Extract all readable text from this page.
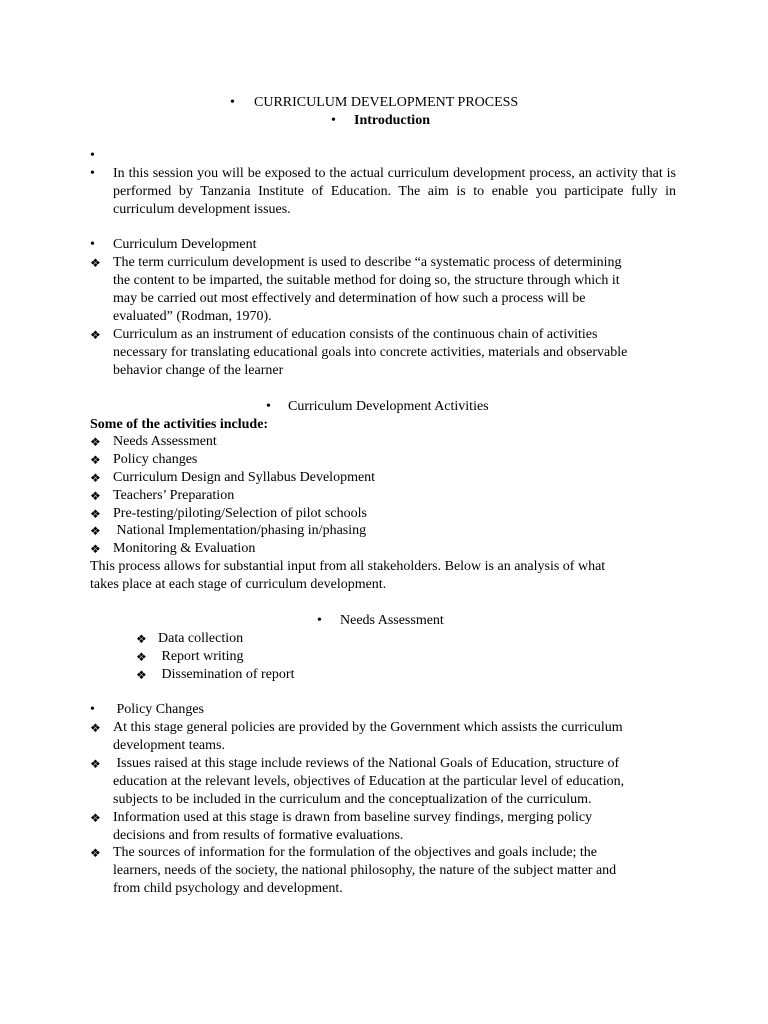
•	CURRICULUM DEVELOPMENT PROCESS
•	Introduction
•
•	In this session you will be exposed to the actual curriculum development process, an activity that is performed by Tanzania Institute of Education. The aim is to enable you participate fully in curriculum development issues.
•	Curriculum Development
❖ The term curriculum development is used to describe “a systematic process of determining
the content to be imparted, the suitable method for doing so, the structure through which it
may be carried out most effectively and determination of how such a process will be
evaluated” (Rodman, 1970).
❖ Curriculum as an instrument of education consists of the continuous chain of activities
necessary for translating educational goals into concrete activities, materials and observable
behavior change of the learner
•	Curriculum Development Activities
Some of the activities include:
❖ Needs Assessment
❖ Policy changes
❖ Curriculum Design and Syllabus Development
❖ Teachers’ Preparation
❖ Pre-testing/piloting/Selection of pilot schools
❖ National Implementation/phasing in/phasing
❖ Monitoring & Evaluation
This process allows for substantial input from all stakeholders. Below is an analysis of what
takes place at each stage of curriculum development.
•	Needs Assessment
❖ Data collection
❖ Report writing
❖ Dissemination of report
•	Policy Changes
❖ At this stage general policies are provided by the Government which assists the curriculum
development teams.
❖ Issues raised at this stage include reviews of the National Goals of Education, structure of
education at the relevant levels, objectives of Education at the particular level of education,
subjects to be included in the curriculum and the conceptualization of the curriculum.
❖ Information used at this stage is drawn from baseline survey findings, merging policy
decisions and from results of formative evaluations.
❖ The sources of information for the formulation of the objectives and goals include; the
learners, needs of the society, the national philosophy, the nature of the subject matter and
from child psychology and development.
